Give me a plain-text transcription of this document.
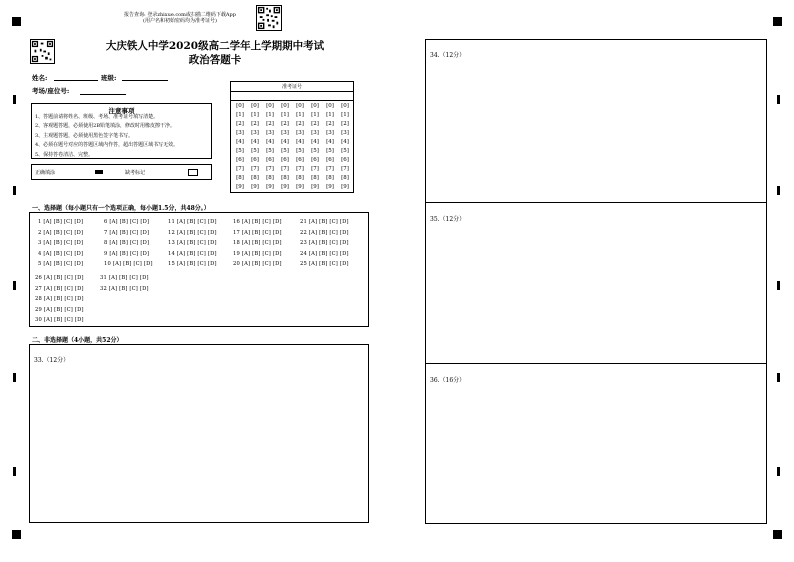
报告查询: 登录zhixue.com或扫描二维码下载App
(用户名和初始密码均为准考证号)
大庆铁人中学2020级高二学年上学期期中考试
政治答题卡
姓名:	班级:
考场/座位号:
注意事项
1、答题前请将姓名、班级、考场、准考证号填写清楚。
2、客观题答题，必须使用2B铅笔填涂，修改时用橡皮擦干净。
3、主观题答题，必须使用黑色签字笔书写。
4、必须在题号对应的答题区域内作答，超出答题区域书写无效。
5、保持答卷清洁、完整。
正确填涂	缺考标记
准考证号
[0]
[1]
[2]
[3]
[4]
[5]
[6]
[7]
[8]
[9]
[0]
[1]
[2]
[3]
[4]
[5]
[6]
[7]
[8]
[9]
[0]
[1]
[2]
[3]
[4]
[5]
[6]
[7]
[8]
[9]
[0]
[1]
[2]
[3]
[4]
[5]
[6]
[7]
[8]
[9]
[0]
[1]
[2]
[3]
[4]
[5]
[6]
[7]
[8]
[9]
[0]
[1]
[2]
[3]
[4]
[5]
[6]
[7]
[8]
[9]
[0]
[1]
[2]
[3]
[4]
[5]
[6]
[7]
[8]
[9]
[0]
[1]
[2]
[3]
[4]
[5]
[6]
[7]
[8]
[9]
一、选择题（每小题只有一个选项正确，每小题1.5分，共48分。）
1 [A] [B] [C] [D]
2 [A] [B] [C] [D]
3 [A] [B] [C] [D]
4 [A] [B] [C] [D]
5 [A] [B] [C] [D]
6 [A] [B] [C] [D]
7 [A] [B] [C] [D]
8 [A] [B] [C] [D]
9 [A] [B] [C] [D]
10 [A] [B] [C] [D]
11 [A] [B] [C] [D]
12 [A] [B] [C] [D]
13 [A] [B] [C] [D]
14 [A] [B] [C] [D]
15 [A] [B] [C] [D]
16 [A] [B] [C] [D]
17 [A] [B] [C] [D]
18 [A] [B] [C] [D]
19 [A] [B] [C] [D]
20 [A] [B] [C] [D]
21 [A] [B] [C] [D]
22 [A] [B] [C] [D]
23 [A] [B] [C] [D]
24 [A] [B] [C] [D]
25 [A] [B] [C] [D]
26 [A] [B] [C] [D]
27 [A] [B] [C] [D]
28 [A] [B] [C] [D]
29 [A] [B] [C] [D]
30 [A] [B] [C] [D]
31 [A] [B] [C] [D]
32 [A] [B] [C] [D]
二、非选择题（4小题，共52分）
33.（12分）
34.（12分）
35.（12分）
36.（16分）
